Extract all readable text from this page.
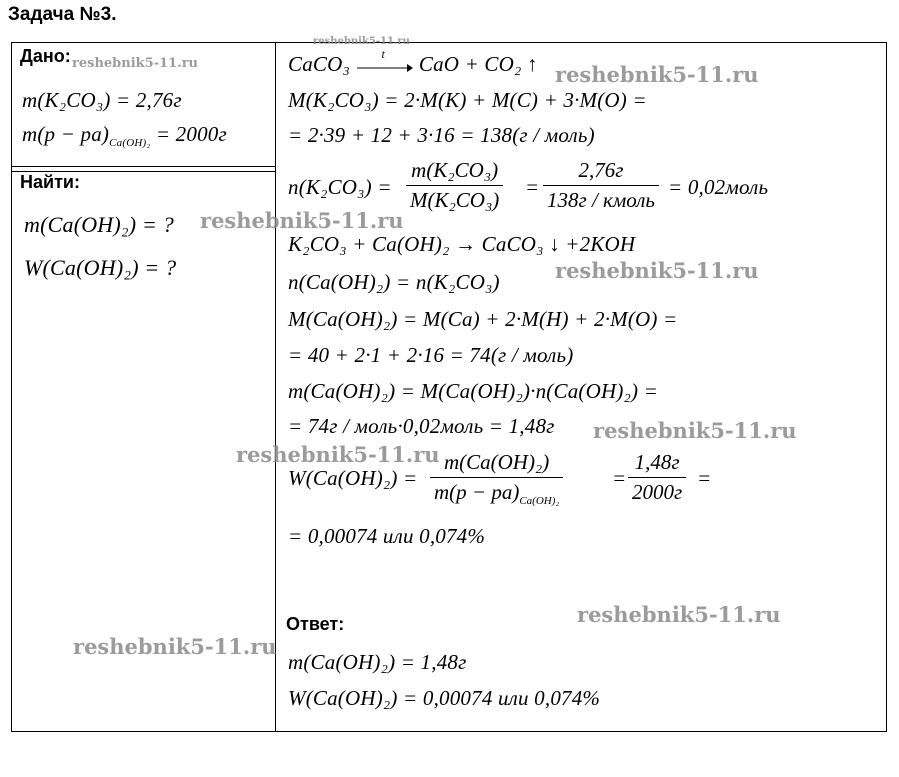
Задача №3.
Дано:
m(K₂CO₃) = 2,76г
$m(p - pa)_{Ca(OH)_2} = 2000г$
Найти:
m(Ca(OH)₂) = ?
W(Ca(OH)₂) = ?
CaCO₃	t CaO + CO₂ ↑
M(K₂CO₃) = 2·M(K) + M(C) + 3·M(O) =
= 2·39 + 12 + 3·16 = 138(г / моль)
$n(K_2CO_3) = \frac{\text{m(K₂CO₃)}}{\text{M(K₂CO₃)}}$ =
2,76г
138г / кмоль
= 0,02моль
K₂CO₃ + Ca(OH)₂ → CaCO₃ ↓ +2KOH
n(Ca(OH)₂) = n(K₂CO₃)
M(Ca(OH)₂) = M(Ca) + 2·M(H) + 2·M(O) =
= 40 + 2·1 + 2·16 = 74(г / моль)
m(Ca(OH)₂) = M(Ca(OH)₂)·n(Ca(OH)₂) =
= 74г / моль·0,02моль = 1,48г
$W(Ca(OH)_2) = \frac{\text{m(Ca(OH)₂)}}{m(p - pa)_{Ca(OH)_2}}$ =
1,48г
2000г
=
= 0,00074 или 0,074%
Ответ:
m(Ca(OH)₂) = 1,48г
W(Ca(OH)₂) = 0,00074 или 0,074%
reshebnik5-11.ru
reshebnik5-11.ru	reshebnik5-11.ru
reshebnik5-11.ru
reshebnik5-11.ru
reshebnik5-11.ru
reshebnik5-11.ru
reshebnik5-11.ru
reshebnik5-11.ru
